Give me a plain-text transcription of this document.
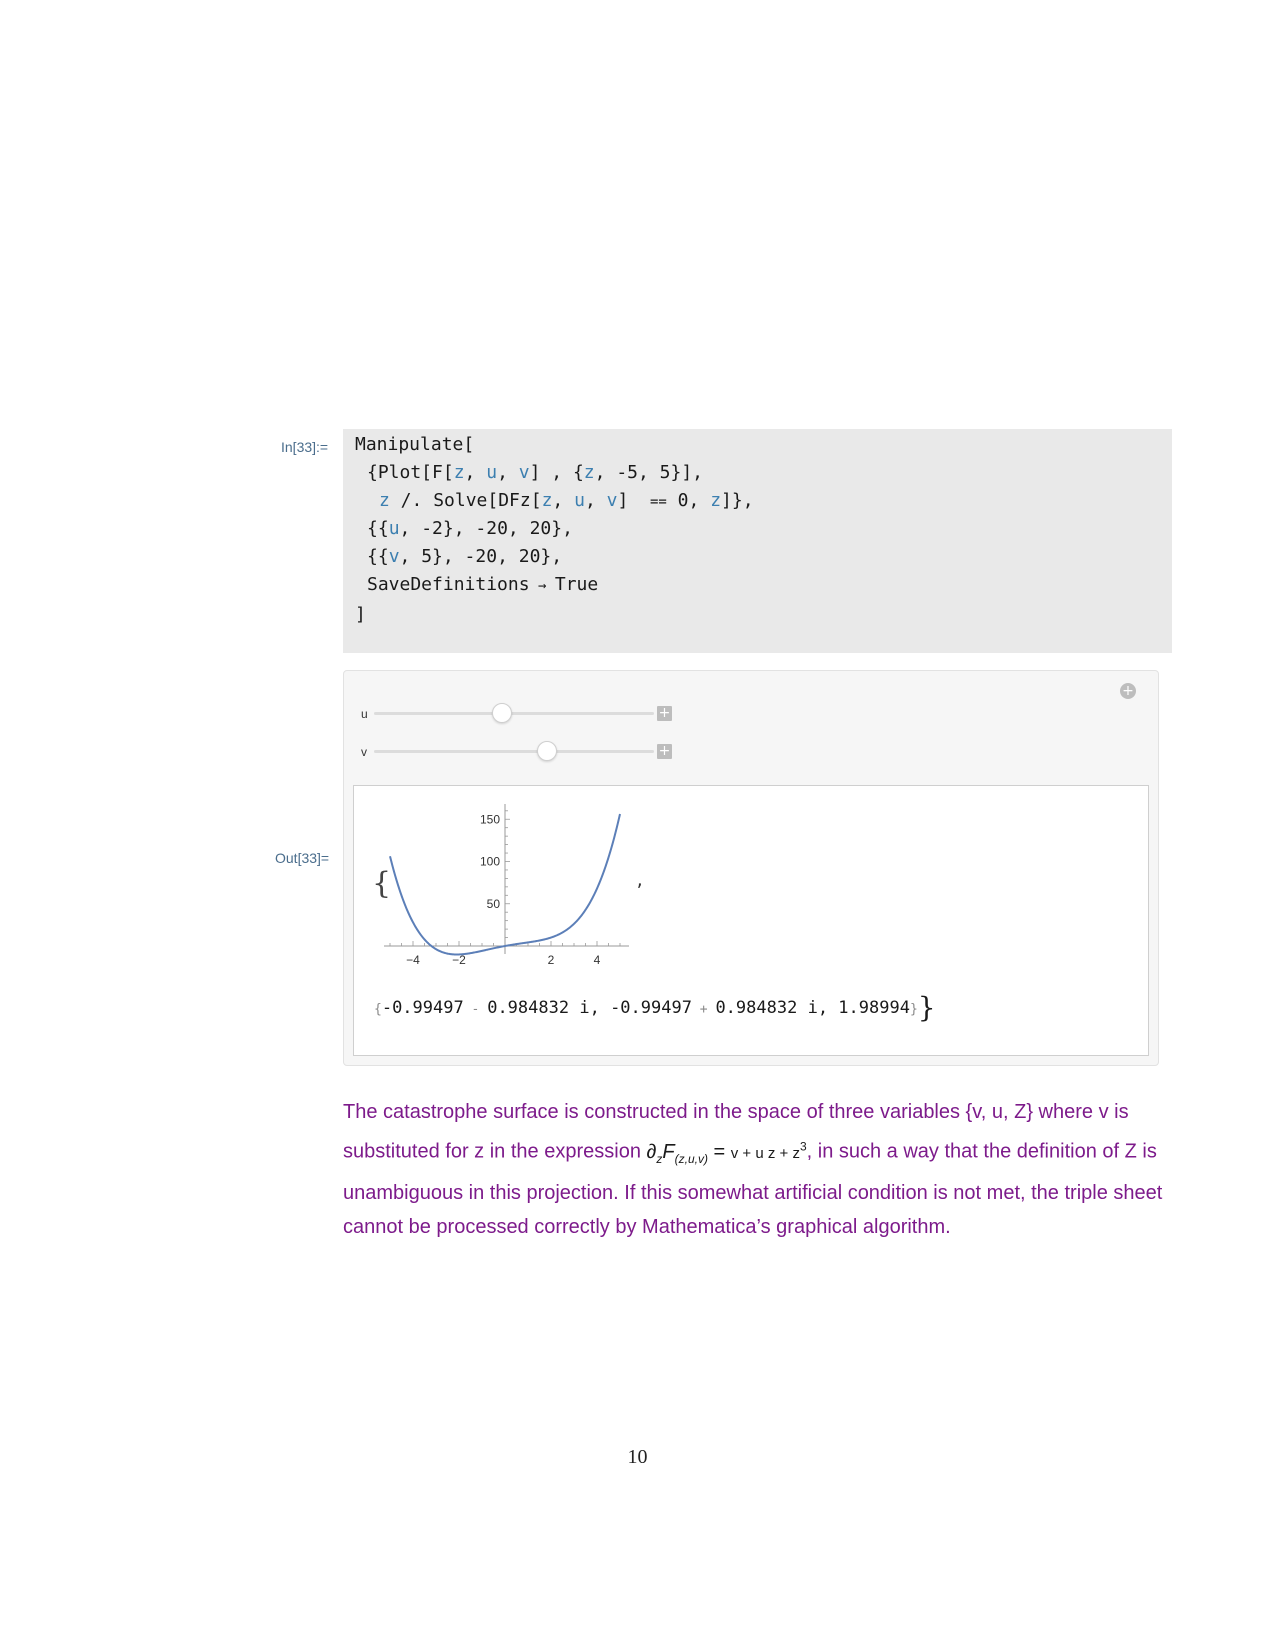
In[33]:= Manipulate[
{Plot[F[z, u, v] , {z, -5, 5}],
z /. Solve[DFz[z, u, v]  == 0, z]},
{{u, -2}, -20, 20},
{{v, 5}, -20, 20},
SaveDefinitions → True
]
Out[33]=
+
u	+
v	+
{
−4	−2	2	4
50
100
150
,
{-0.99497 - 0.984832 i, -0.99497 + 0.984832 i, 1.98994}}
The catastrophe surface is constructed in the space of three variables {v, u, Z} where v is substituted for z in the expression $\partial_zF_{(z,u,v)} = v + u$ $z + z^3$, in such a way that the definition of Z is unambiguous in this projection. If this somewhat artificial condition is not met, the triple sheet cannot be processed correctly by Mathematica’s graphical algorithm.
10
